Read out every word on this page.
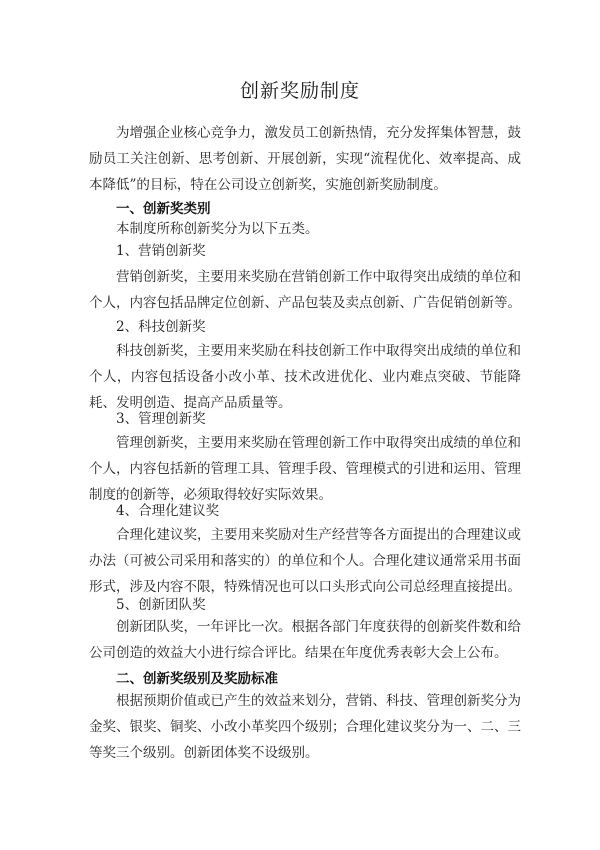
创新奖励制度

为增强企业核心竞争力，激发员工创新热情，充分发挥集体智慧，鼓励员工关注创新、思考创新、开展创新，实现“流程优化、效率提高、成本降低”的目标，特在公司设立创新奖，实施创新奖励制度。

一、创新奖类别

本制度所称创新奖分为以下五类。

1、营销创新奖

营销创新奖，主要用来奖励在营销创新工作中取得突出成绩的单位和个人，内容包括品牌定位创新、产品包装及卖点创新、广告促销创新等。

2、科技创新奖

科技创新奖，主要用来奖励在科技创新工作中取得突出成绩的单位和个人，内容包括设备小改小革、技术改进优化、业内难点突破、节能降耗、发明创造、提高产品质量等。

3、管理创新奖

管理创新奖，主要用来奖励在管理创新工作中取得突出成绩的单位和个人，内容包括新的管理工具、管理手段、管理模式的引进和运用、管理制度的创新等，必须取得较好实际效果。

4、合理化建议奖

合理化建议奖，主要用来奖励对生产经营等各方面提出的合理建议或办法（可被公司采用和落实的）的单位和个人。合理化建议通常采用书面形式，涉及内容不限，特殊情况也可以口头形式向公司总经理直接提出。

5、创新团队奖

创新团队奖，一年评比一次。根据各部门年度获得的创新奖件数和给公司创造的效益大小进行综合评比。结果在年度优秀表彰大会上公布。

二、创新奖级别及奖励标准

根据预期价值或已产生的效益来划分，营销、科技、管理创新奖分为金奖、银奖、铜奖、小改小革奖四个级别；合理化建议奖分为一、二、三等奖三个级别。创新团体奖不设级别。
